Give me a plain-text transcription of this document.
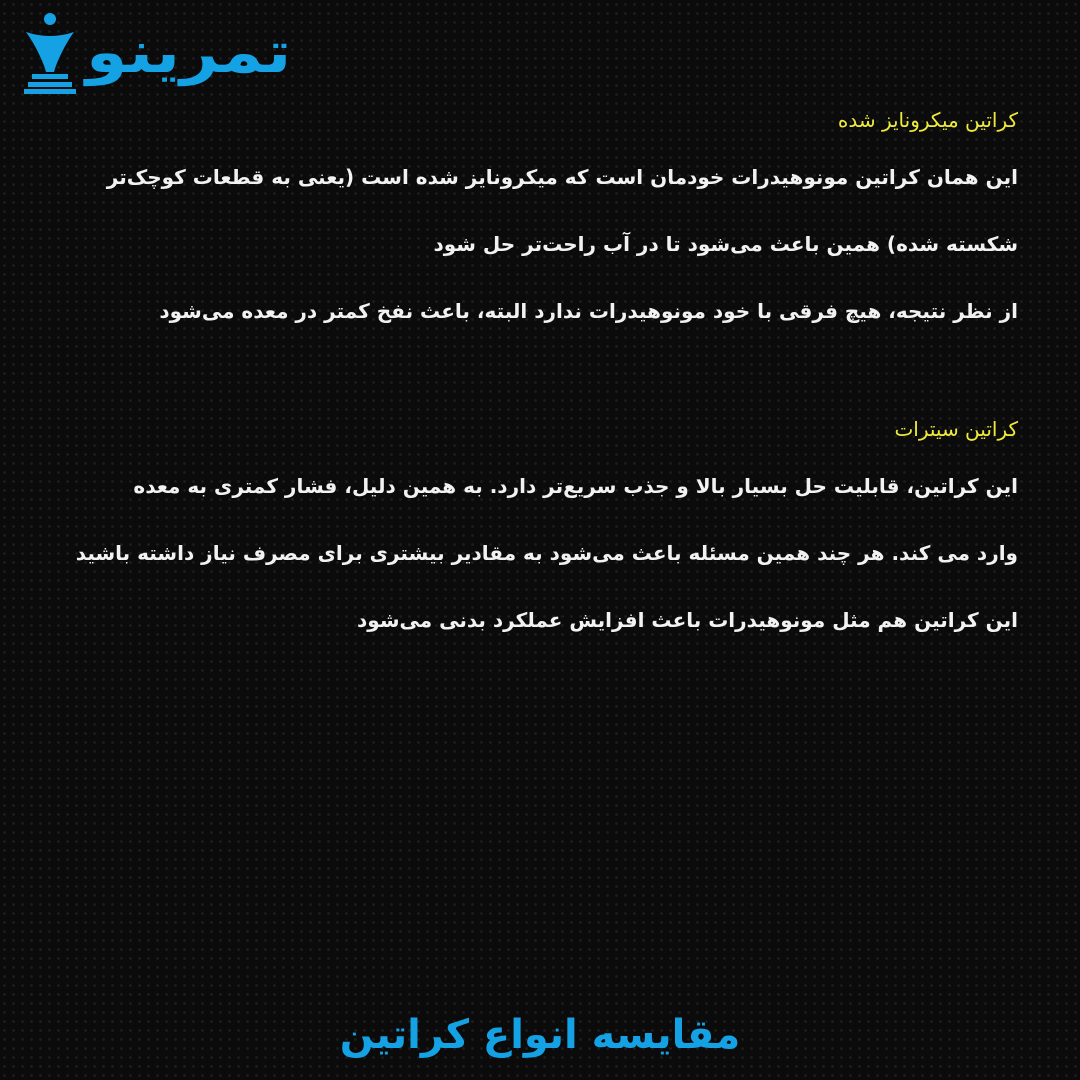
تمرینو
کراتین میکرونایز شده

این همان کراتین مونوهیدرات خودمان است که میکرونایز شده است (یعنی به قطعات کوچک‌تر

شکسته شده) همین باعث می‌شود تا در آب راحت‌تر حل شود

از نظر نتیجه، هیچ فرقی با خود مونوهیدرات ندارد البته، باعث نفخ کمتر در معده می‌شود

کراتین سیترات

این کراتین، قابلیت حل بسیار بالا و جذب سریع‌تر دارد. به همین دلیل، فشار کمتری به معده

وارد می کند. هر چند همین مسئله باعث می‌شود به مقادیر بیشتری برای مصرف نیاز داشته باشید

این کراتین هم مثل مونوهیدرات باعث افزایش عملکرد بدنی می‌شود

مقایسه انواع کراتین
